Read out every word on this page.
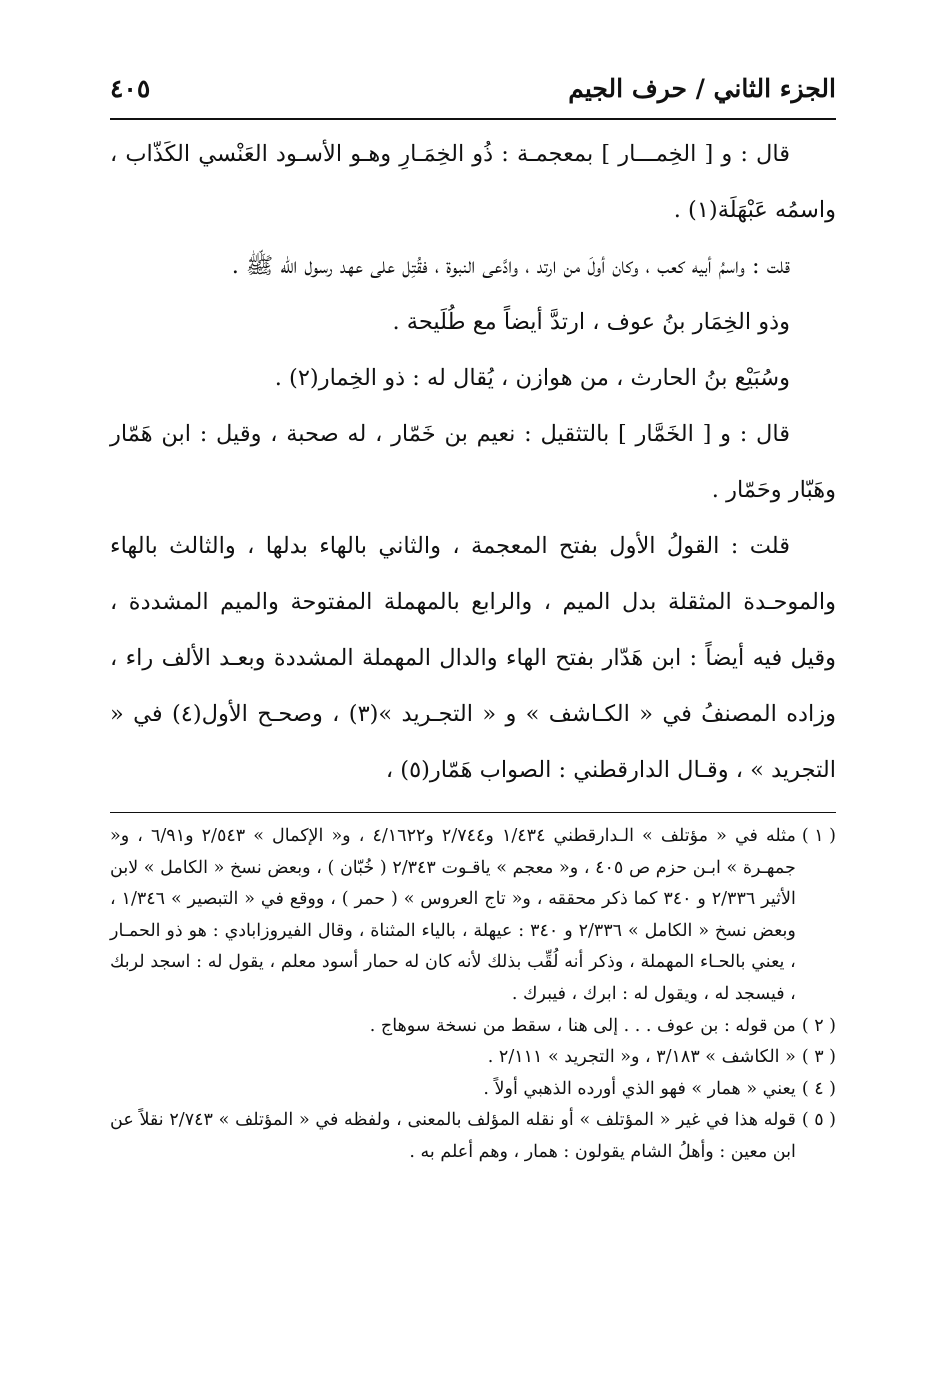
الجزء الثاني / حرف الجيم
٤٠٥

قال : و [ الخِمـــار ] بمعجمـة : ذُو الخِمَـارِ وهـو الأسـود العَنْسي الكَذّاب ، واسمُه عَبْهَلَة(١) .

قلت : واسمُ أبيه كعب ، وكان أولَ من ارتد ، وادَّعى النبوة ، فقُتِل على عهد رسول الله ﷺ .

وذو الخِمَار بنُ عوف ، ارتدَّ أيضاً مع طُلَيحة .

وسُبَيْع بنُ الحارث ، من هوازن ، يُقال له : ذو الخِمار(٢) .

قال : و [ الخَمَّار ] بالتثقيل : نعيم بن خَمّار ، له صحبة ، وقيل : ابن هَمّار وهَبّار وحَمّار .

قلت : القولُ الأول بفتح المعجمة ، والثاني بالهاء بدلها ، والثالث بالهاء والموحـدة المثقلة بدل الميم ، والرابع بالمهملة المفتوحة والميم المشددة ، وقيل فيه أيضاً : ابن هَدّار بفتح الهاء والدال المهملة المشددة وبعـد الألف راء ، وزاده المصنفُ في « الكـاشف » و « التجـريد »(٣) ، وصحـح الأول(٤) في « التجريد » ، وقـال الدارقطني : الصواب هَمّار(٥) ،

( ١ )
مثله في « مؤتلف » الـدارقطني ١/٤٣٤ و٢/٧٤٤ و٤/١٦٢٢ ، و« الإكمال » ٢/٥٤٣ و٦/٩١ ، و« جمهـرة » ابـن حزم ص ٤٠٥ ، و« معجم » ياقـوت ٢/٣٤٣ ( خُبّان ) ، وبعض نسخ « الكامل » لابن الأثير ٢/٣٣٦ و ٣٤٠ كما ذكر محققه ، و« تاج العروس » ( حمر ) ، ووقع في « التبصير » ١/٣٤٦ ، وبعض نسخ « الكامل » ٢/٣٣٦ و ٣٤٠ : عيهلة ، بالياء المثناة ، وقال الفيروزابادي : هو ذو الحمـار ، يعني بالحـاء المهملة ، وذكر أنه لُقِّب بذلك لأنه كان له حمار أسود معلم ، يقول له : اسجد لربك ، فيسجد له ، ويقول له : ابرك ، فيبرك .
( ٢ )
من قوله : بن عوف . . . إلى هنا ، سقط من نسخة سوهاج .
( ٣ )
« الكاشف » ٣/١٨٣ ، و« التجريد » ٢/١١١ .
( ٤ )
يعني « همار » فهو الذي أورده الذهبي أولاً .
( ٥ )
قوله هذا في غير « المؤتلف » أو نقله المؤلف بالمعنى ، ولفظه في « المؤتلف » ٢/٧٤٣ نقلاً عن ابن معين : وأهلُ الشام يقولون : همار ، وهم أعلم به .
